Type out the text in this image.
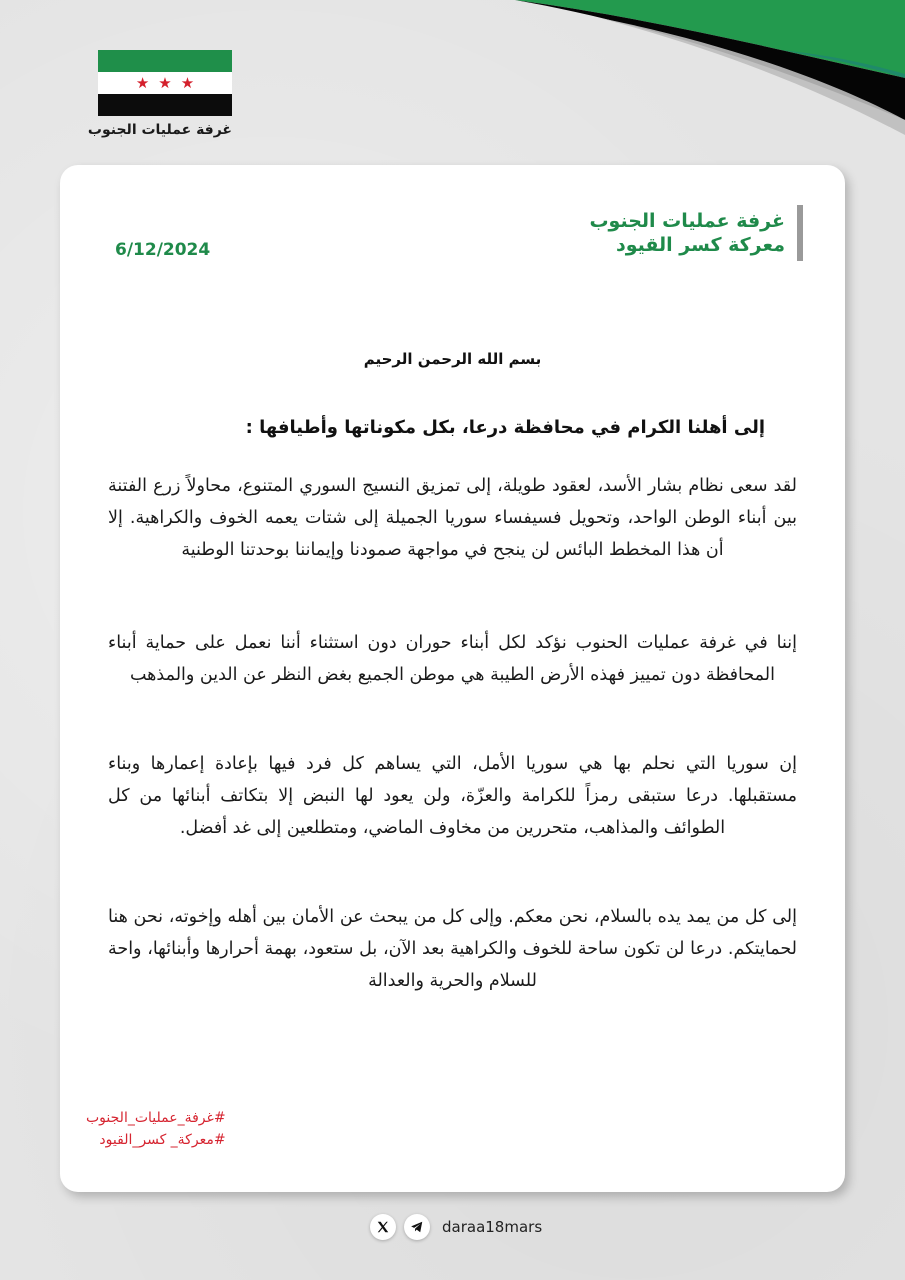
★ ★ ★
غرفة عمليات الجنوب
غرفة عمليات الجنوب
معركة كسر القيود
6/12/2024
بسم الله الرحمن الرحيم
إلى أهلنا الكرام في محافظة درعا، بكل مكوناتها وأطيافها :
لقد سعى نظام بشار الأسد، لعقود طويلة، إلى تمزيق النسيج السوري المتنوع، محاولاً زرع الفتنة بين أبناء الوطن الواحد، وتحويل فسيفساء سوريا الجميلة إلى شتات يعمه الخوف والكراهية. إلا أن هذا المخطط البائس لن ينجح في مواجهة صمودنا وإيماننا بوحدتنا الوطنية
إننا في غرفة عمليات الحنوب نؤكد لكل أبناء حوران دون استثناء أننا نعمل على حماية أبناء المحافظة دون تمييز فهذه الأرض الطيبة هي موطن الجميع بغض النظر عن الدين والمذهب
إن سوريا التي نحلم بها هي سوريا الأمل، التي يساهم كل فرد فيها بإعادة إعمارها وبناء مستقبلها. درعا ستبقى رمزاً للكرامة والعزّة، ولن يعود لها النبض إلا بتكاتف أبنائها من كل الطوائف والمذاهب، متحررين من مخاوف الماضي، ومتطلعين إلى غد أفضل.
إلى كل من يمد يده بالسلام، نحن معكم. وإلى كل من يبحث عن الأمان بين أهله وإخوته، نحن هنا لحمايتكم. درعا لن تكون ساحة للخوف والكراهية بعد الآن، بل ستعود، بهمة أحرارها وأبنائها، واحة للسلام والحرية والعدالة
#غرفة_عمليات_الجنوب
#معركة_ كسر_القيود
daraa18mars
